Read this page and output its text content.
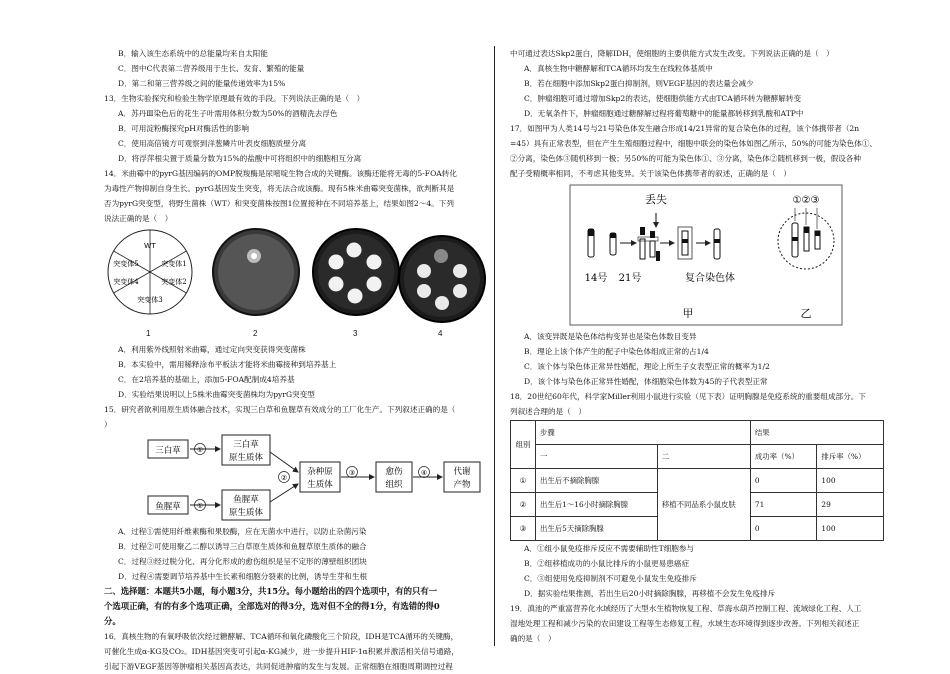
B．输入该生态系统中的总能量均来自太阳能
C．图中C代表第二营养级用于生长、发育、繁殖的能量
D．第二和第三营养级之间的能量传递效率为15%
13．生物实验探究和检验生物学原理最有效的手段。下列说法正确的是（　）
A．苏丹Ⅲ染色后的花生子叶需用体积分数为50%的酒精洗去浮色
B．可用淀粉酶探究pH对酶活性的影响
C．使用高倍镜方可观察到洋葱鳞片叶表皮细胞质壁分离
D．将浮萍根尖置于质量分数为15%的盐酸中可将组织中的细胞相互分离
14．米曲霉中的pyrG基因编码的OMP脱羧酶是尿嘧啶生物合成的关键酶。该酶还能将无毒的5-FOA转化
为毒性产物抑制自身生长。pyrG基因发生突变，将无法合成该酶。现有5株米曲霉突变菌株，欲判断其是
否为pyrG突变型，将野生菌株（WT）和突变菌株按图1位置接种在不同培养基上，结果如图2～4。下列
说法正确的是（　）
WT
突变体1
突变体2
突变体3
突变体4
突变体5
1	2	3	4
A．利用紫外线照射米曲霉，通过定向突变获得突变菌株
B．本实验中，需用稀释涂布平板法才能将米曲霉接种到培养基上
C．在2培养基的基础上，添加5-FOA配制成4培养基
D．实验结果说明以上5株米曲霉突变菌株均为pyrG突变型
15．研究者欲利用原生质体融合技术，实现三白草和鱼腥草有效成分的工厂化生产。下列叙述正确的是（
）
三白草 ①	三白草
原生质体
鱼腥草 ①
鱼腥草
原生质体
②
杂种原
生质体
③	愈伤
组织
④	代谢
产物
A．过程①需使用纤维素酶和果胶酶，应在无菌水中进行，以防止杂菌污染
B．过程②可使用聚乙二醇以诱导三白草原生质体和鱼腥草原生质体的融合
C．过程③经过脱分化、再分化形成的愈伤组织是呈不定形的薄壁组织团块
D．过程④需要调节培养基中生长素和细胞分裂素的比例，诱导生芽和生根
二、选择题：本题共5小题，每小题3分，共15分。每小题给出的四个选项中，有的只有一
个选项正确，有的有多个选项正确，全部选对的得3分，选对但不全的得1分，有选错的得0
分。
16．真核生物的有氧呼吸依次经过糖酵解、TCA循环和氧化磷酸化三个阶段，IDH是TCA循环的关键酶，
可催化生成α-KG及CO₂。IDH基因突变可引起α-KG减少，进一步提升HIF-1α积累并激活相关信号通路，
引起下游VEGF基因等肿瘤相关基因高表达，共同促进肿瘤的发生与发展。正常细胞在细胞周期调控过程
中可通过表达Skp2蛋白，降解IDH，使细胞的主要供能方式发生改变。下列说法正确的是（　）
A．真核生物中糖酵解和TCA循环均发生在线粒体基质中
B．若在细胞中添加Skp2蛋白抑制剂，则VEGF基因的表达量会减少
C．肿瘤细胞可通过增加Skp2的表达，使细胞供能方式由TCA循环转为糖酵解转变
D．无氧条件下，肿瘤细胞通过糖酵解过程将葡萄糖中的能量都转移到乳酸和ATP中
17．如图甲为人类14号与21号染色体发生融合形成14/21异常的复合染色体的过程，该个体携带者（2n
=45）具有正常表型，但在产生生殖细胞过程中，细胞中联会的染色体如图乙所示，50%的可能为染色体①、
②分离，染色体③随机移到一极；另50%的可能为染色体①、③分离，染色体②随机移到一极，假设各种
配子受精概率相同，不考虑其他变异。关于该染色体携带者的叙述，正确的是（　）
丢失
14号 21号	复合染色体
甲
①②③
乙
A．该变异既是染色体结构变异也是染色体数目变异
B．理论上该个体产生的配子中染色体组成正常的占1/4
C．该个体与染色体正常异性婚配，理论上所生子女表型正常的概率为1/2
D．该个体与染色体正常异性婚配，体细胞染色体数为45的子代表型正常
18．20世纪60年代，科学家Miller利用小鼠进行实验（见下表）证明胸腺是免疫系统的重要组成部分。下
列叙述合理的是（　）
组别	步骤		结果	
	一	二	成功率（%）	排斥率（%）
①	出生后不摘除胸腺	移植不同品系小鼠皮肤	0	100
②	出生后1～16小时摘除胸腺		71	29
③	出生后5天摘除胸腺		0	100
A．①组小鼠免疫排斥反应不需要辅助性T细胞参与
B．②组移植成功的小鼠比排斥的小鼠更易患癌症
C．③组使用免疫抑制剂不可避免小鼠发生免疫排斥
D．据实验结果推测，若出生后20小时摘除胸腺，再移植不会发生免疫排斥
19．滇池的严重富营养化水域经历了大型水生植物恢复工程、草海水葫芦控制工程、流域绿化工程、人工
湿地处理工程和减少污染的农田建设工程等生态修复工程，水域生态环境得到逐步改善。下列相关叙述正
确的是（　）
